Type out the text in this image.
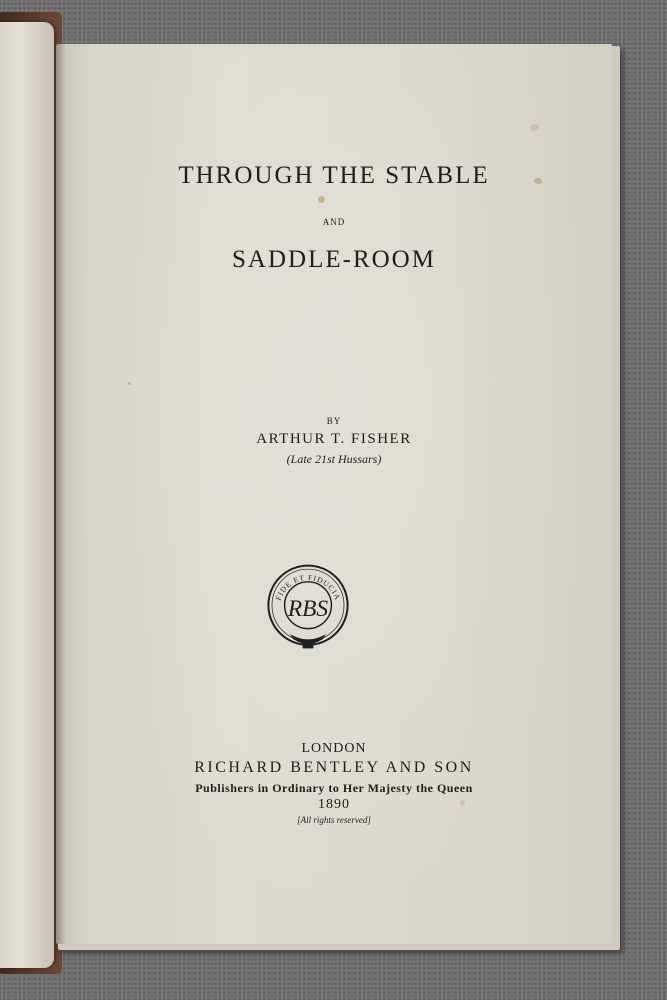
THROUGH THE STABLE

AND

SADDLE-ROOM

BY

ARTHUR T. FISHER

(Late 21st Hussars)

FIDE ET FIDUCIA
RBS

LONDON

RICHARD BENTLEY AND SON

Publishers in Ordinary to Her Majesty the Queen

1890

[All rights reserved]
